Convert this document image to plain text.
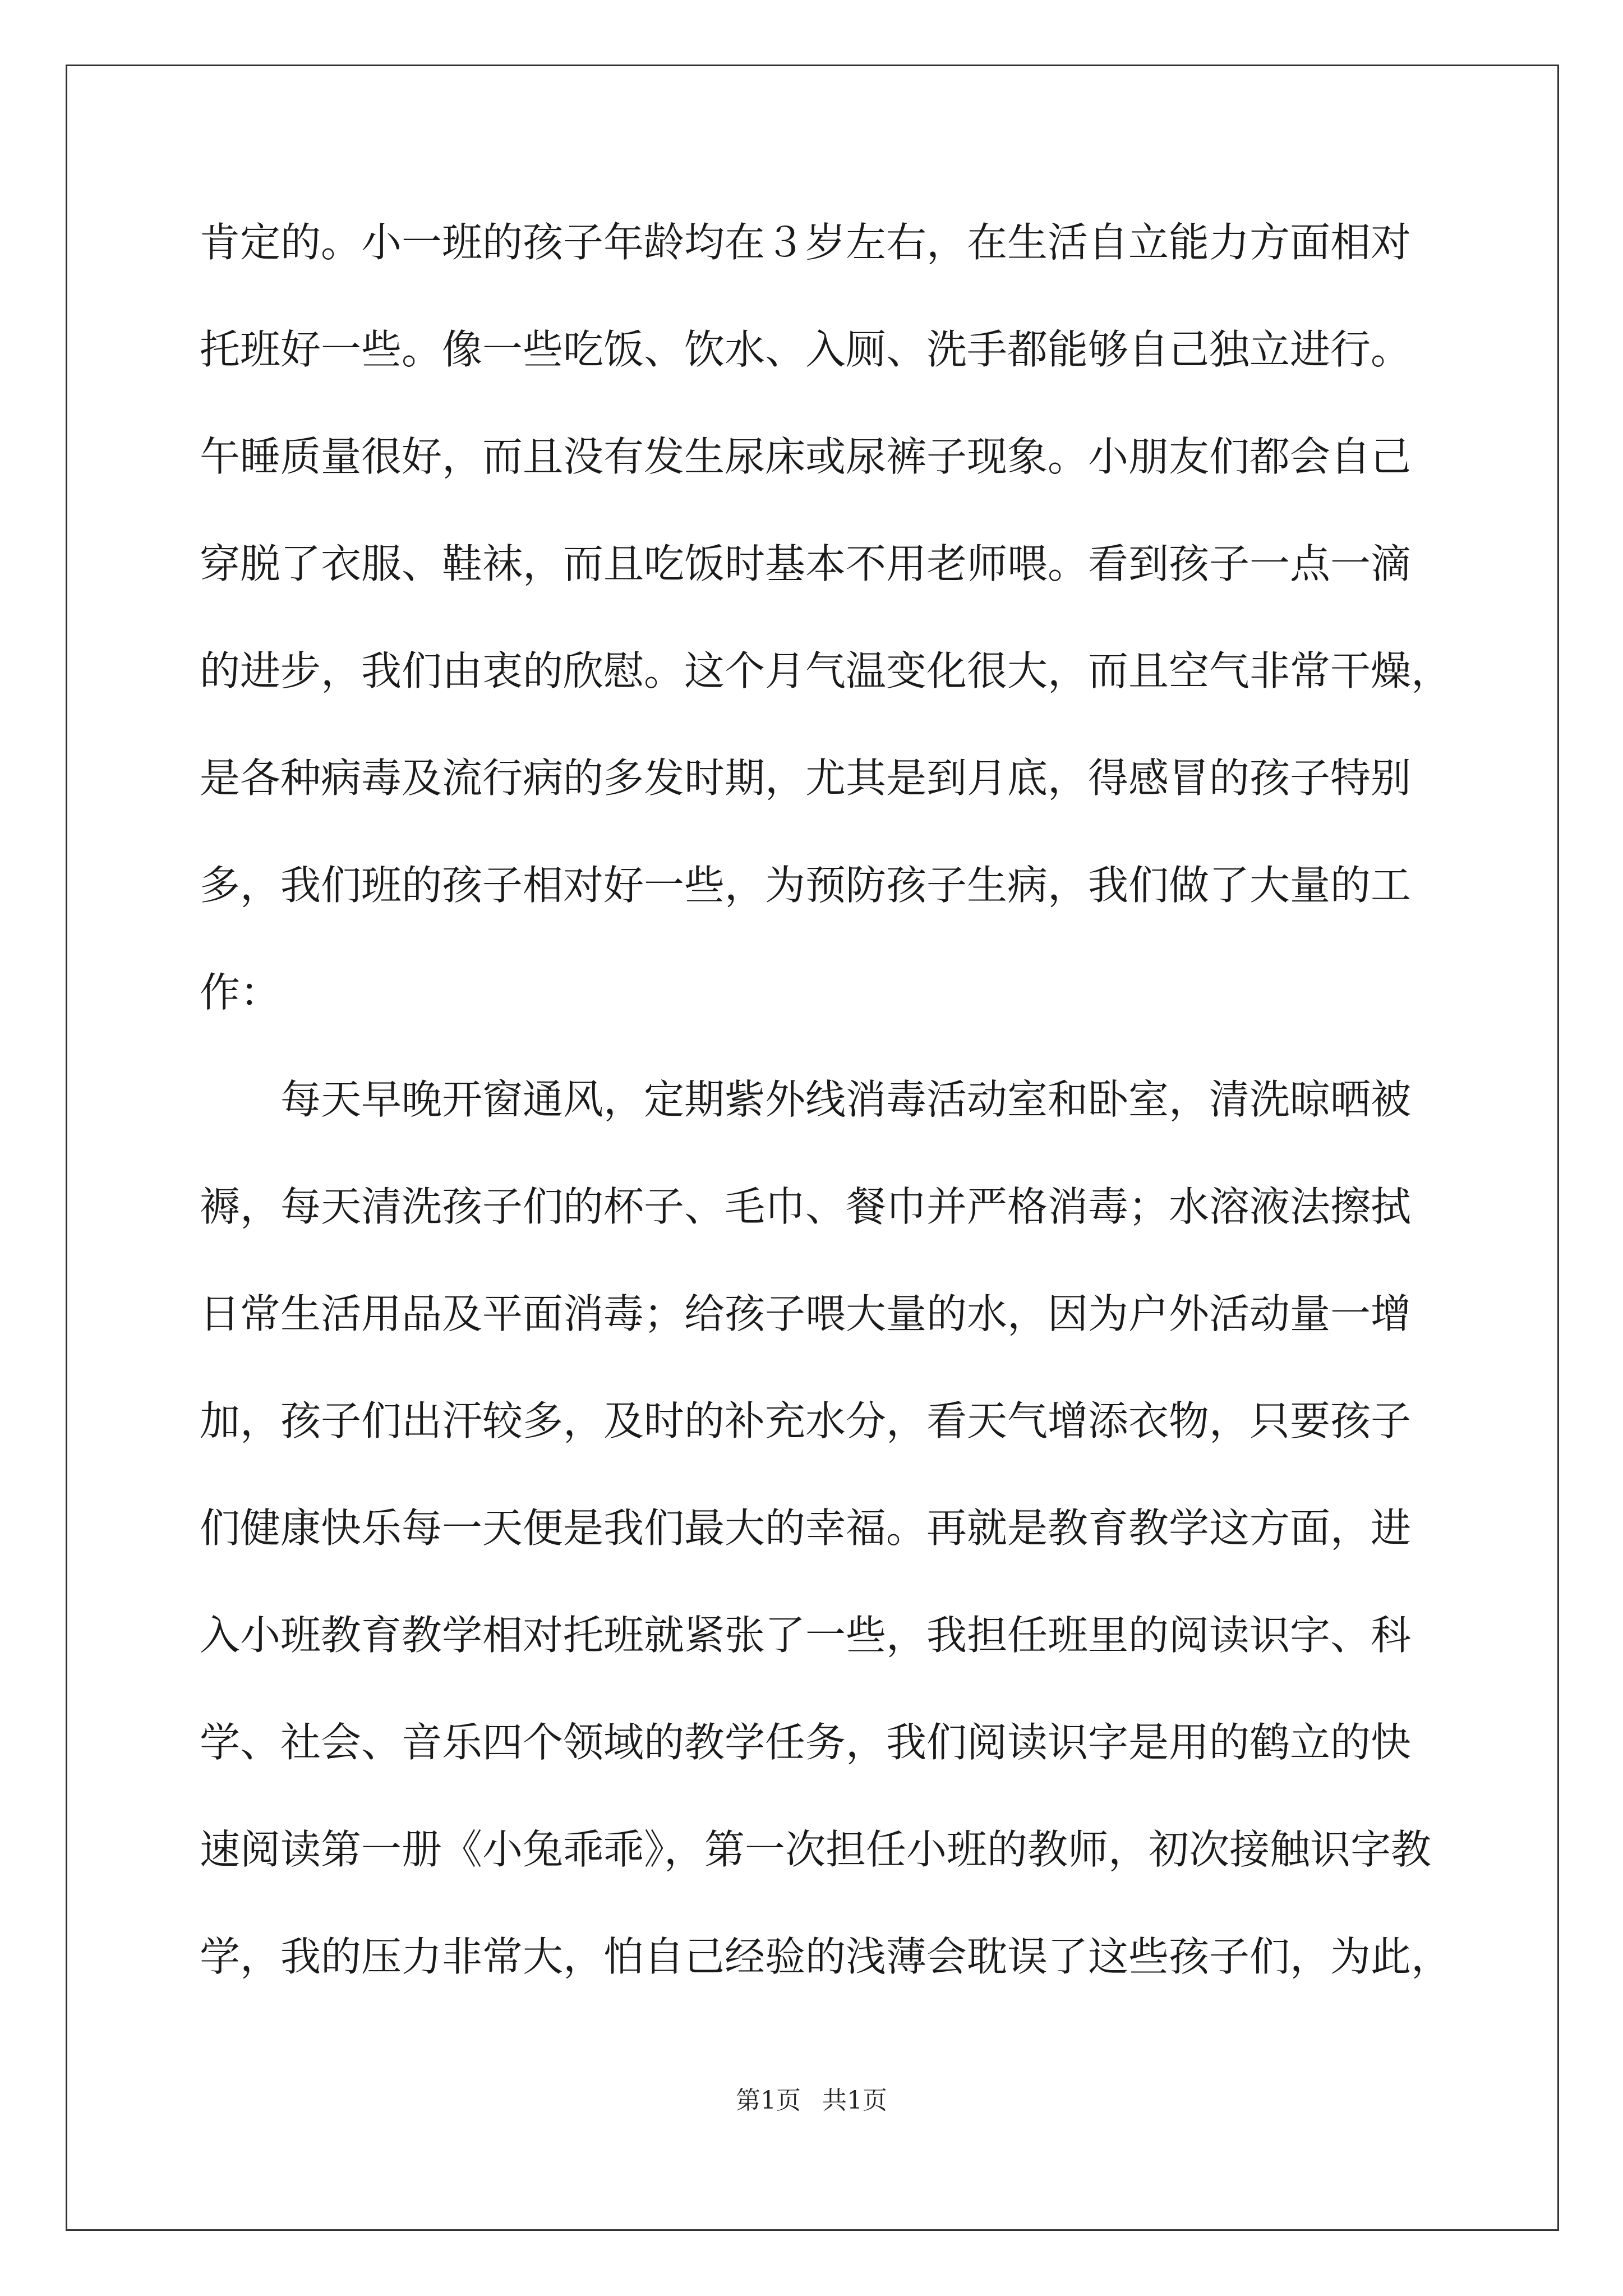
肯定的。小一班的孩子年龄均在３岁左右，在生活自立能力方面相对
托班好一些。像一些吃饭、饮水、入厕、洗手都能够自己独立进行。
午睡质量很好，而且没有发生尿床或尿裤子现象。小朋友们都会自己
穿脱了衣服、鞋袜，而且吃饭时基本不用老师喂。看到孩子一点一滴
的进步，我们由衷的欣慰。这个月气温变化很大，而且空气非常干燥，
是各种病毒及流行病的多发时期，尤其是到月底，得感冒的孩子特别
多，我们班的孩子相对好一些，为预防孩子生病，我们做了大量的工
作：
　　每天早晚开窗通风，定期紫外线消毒活动室和卧室，清洗晾晒被
褥，每天清洗孩子们的杯子、毛巾、餐巾并严格消毒；水溶液法擦拭
日常生活用品及平面消毒；给孩子喂大量的水，因为户外活动量一增
加，孩子们出汗较多，及时的补充水分，看天气增添衣物，只要孩子
们健康快乐每一天便是我们最大的幸福。再就是教育教学这方面，进
入小班教育教学相对托班就紧张了一些，我担任班里的阅读识字、科
学、社会、音乐四个领域的教学任务，我们阅读识字是用的鹤立的快
速阅读第一册《小兔乖乖》，第一次担任小班的教师，初次接触识字教
学，我的压力非常大，怕自己经验的浅薄会耽误了这些孩子们，为此，
第1页 共1页
